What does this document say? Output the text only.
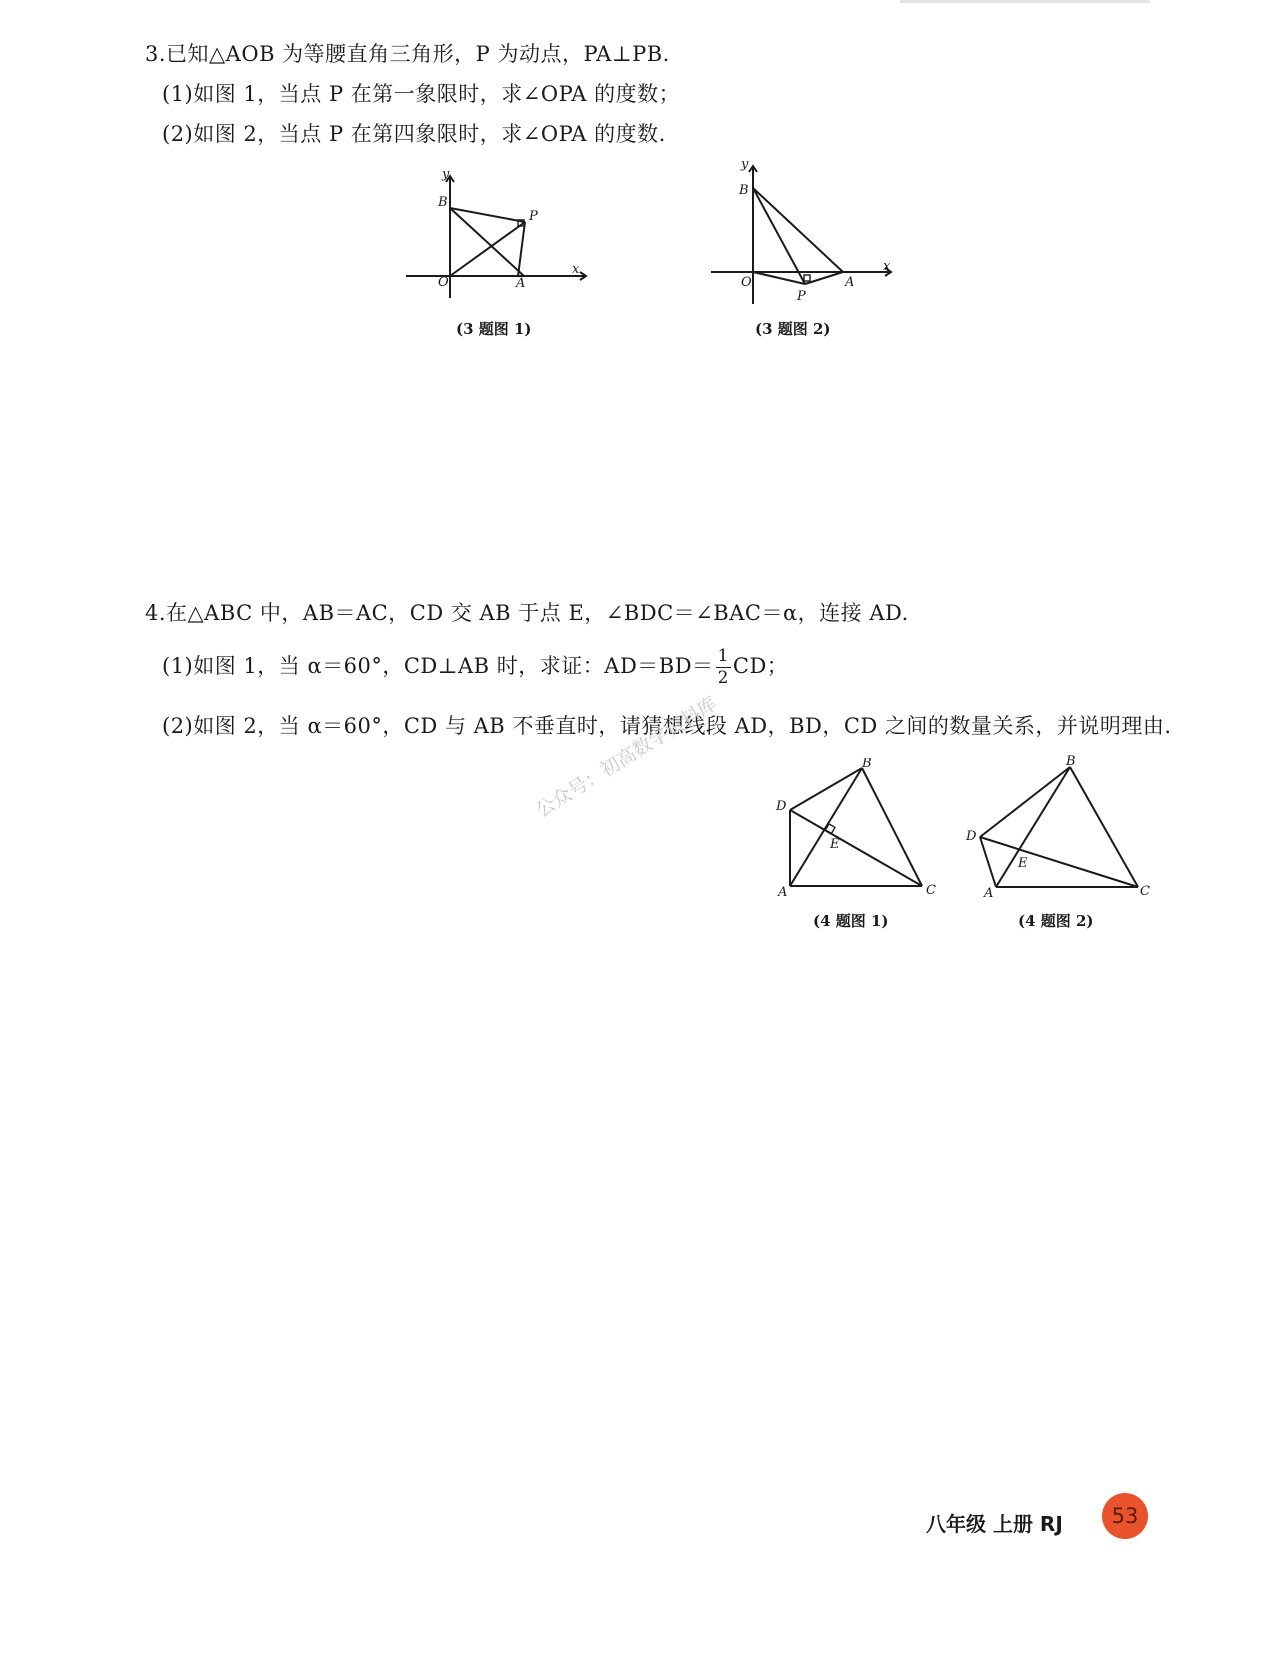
3.已知△AOB 为等腰直角三角形，P 为动点，PA⊥PB.
(1)如图 1，当点 P 在第一象限时，求∠OPA 的度数；
(2)如图 2，当点 P 在第四象限时，求∠OPA 的度数.
B
P
O	A
x
y
(3 题图 1)
B
O	A
P
x
y
(3 题图 2)
4.在△ABC 中，AB＝AC，CD 交 AB 于点 E，∠BDC＝∠BAC＝α，连接 AD.
(1)如图 1，当 α＝60°，CD⊥AB 时，求证：$AD=BD= \frac{1}{2}$ CD；
(2)如图 2，当 α＝60°，CD 与 AB 不垂直时，请猜想线段 AD，BD，CD 之间的数量关系，并说明理由.
D
B
E
A	C
(4 题图 1)
D
B
E
A	C
(4 题图 2)
公众号：初高数学资料库
八年级 上册 RJ	53
